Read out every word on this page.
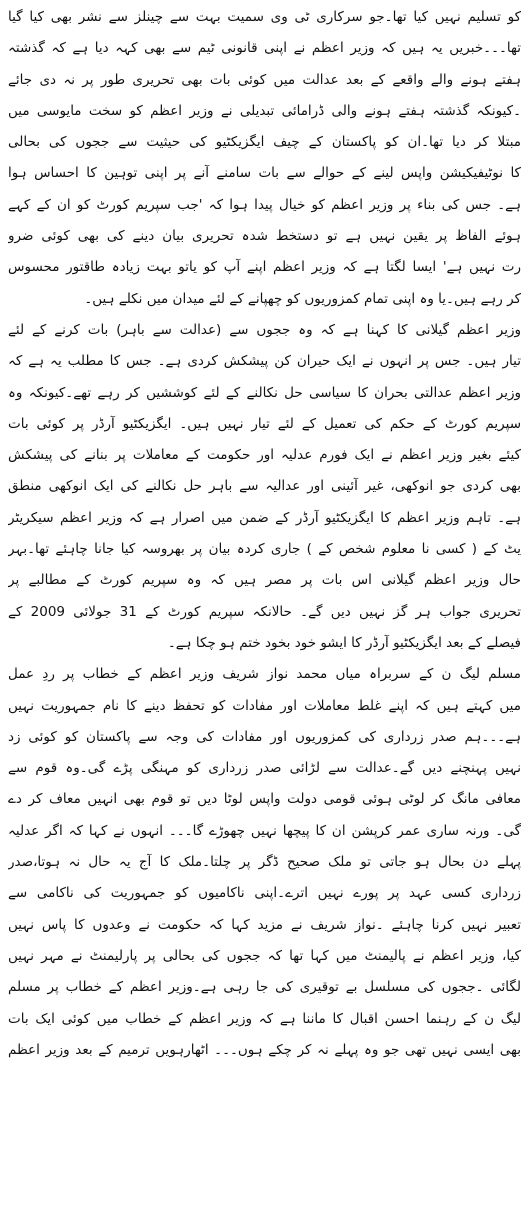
کو تسلیم نہیں کیا تھا۔جو سرکاری ٹی وی سمیت بہت سے چینلز سے نشر بھی کیا گیا
تھا۔۔۔خبریں یہ ہیں کہ وزیر اعظم نے اپنی قانونی ٹیم سے بھی کہہ دیا ہے کہ گذشتہ
ہفتے ہونے والے واقعے کے بعد عدالت میں کوئی بات بھی تحریری طور پر نہ دی جائے
۔کیونکہ گذشتہ ہفتے ہونے والی ڈرامائی تبدیلی نے وزیر اعظم کو سخت مایوسی میں
مبتلا کر دیا تھا۔ان کو پاکستان کے چیف ایگزیکٹیو کی حیثیت سے ججوں کی بحالی
کا نوٹیفیکیشن واپس لینے کے حوالے سے بات سامنے آنے پر اپنی توہین کا احساس ہوا
ہے۔ جس کی بناء پر وزیر اعظم کو خیال پیدا ہوا کہ 'جب سپریم کورٹ کو ان کے کہے
ہوئے الفاظ پر یقین نہیں ہے تو دستخط شدہ تحریری بیان دینے کی بھی کوئی ضرو
رت نہیں ہے' ایسا لگتا ہے کہ وزیر اعظم اپنے آپ کو یاتو بہت زیادہ طاقتور محسوس
کر رہے ہیں۔یا وہ اپنی تمام کمزوریوں کو چھپانے کے لئے میدان میں نکلے ہیں۔
وزیر اعظم گیلانی کا کہنا ہے کہ وہ ججوں سے (عدالت سے باہر) بات کرنے کے لئے
تیار ہیں۔ جس پر انہوں نے ایک حیران کن پیشکش کردی ہے۔ جس کا مطلب یہ ہے کہ
وزیر اعظم عدالتی بحران کا سیاسی حل نکالنے کے لئے کوششیں کر رہے تھے۔کیونکہ وہ
سپریم کورٹ کے حکم کی تعمیل کے لئے تیار نہیں ہیں۔ ایگزیکٹیو آرڈر پر کوئی بات
کیئے بغیر وزیر اعظم نے ایک فورم عدلیہ اور حکومت کے معاملات پر بنانے کی پیشکش
بھی کردی جو انوکھی، غیر آئینی اور عدالیہ سے باہر حل نکالنے کی ایک انوکھی منطق
ہے۔ تاہم وزیر اعظم کا ایگزیکٹیو آرڈر کے ضمن میں اصرار ہے کہ وزیر اعظم سیکریٹر
یٹ کے ( کسی نا معلوم شخص کے ) جاری کردہ بیان پر بھروسہ کیا جانا چاہئے تھا۔بہر
حال وزیر اعظم گیلانی اس بات پر مصر ہیں کہ وہ سپریم کورٹ کے مطالبے پر
تحریری جواب ہر گز نہیں دیں گے۔ حالانکہ سپریم کورٹ کے 31 جولائی 2009 کے
فیصلے کے بعد ایگزیکٹیو آرڈر کا ایشو خود بخود ختم ہو چکا ہے۔
مسلم لیگ ن کے سربراہ میاں محمد نواز شریف وزیر اعظم کے خطاب پر ردِ عمل
میں کہتے ہیں کہ اپنے غلط معاملات اور مفادات کو تحفظ دینے کا نام جمہوریت نہیں
ہے۔۔۔ہم صدر زرداری کی کمزوریوں اور مفادات کی وجہ سے پاکستان کو کوئی زد
نہیں پہنچنے دیں گے۔عدالت سے لڑائی صدر زرداری کو مہنگی پڑے گی۔وہ قوم سے
معافی مانگ کر لوٹی ہوئی قومی دولت واپس لوٹا دیں تو قوم بھی انہیں معاف کر دے
گی۔ ورنہ ساری عمر کرپشن ان کا پیچھا نہیں چھوڑے گا۔۔۔ انہوں نے کہا کہ اگر عدلیہ
پہلے دن بحال ہو جاتی تو ملک صحیح ڈگر پر چلتا۔ملک کا آج یہ حال نہ ہوتا،صدر
زرداری کسی عہد پر پورے نہیں اترے۔اپنی ناکامیوں کو جمہوریت کی ناکامی سے
تعبیر نہیں کرنا چاہئے ۔نواز شریف نے مزید کہا کہ حکومت نے وعدوں کا پاس نہیں
کیا، وزیر اعظم نے پالیمنٹ میں کہا تھا کہ ججوں کی بحالی پر پارلیمنٹ نے مہر نہیں
لگائی ۔ججوں کی مسلسل بے توقیری کی جا رہی ہے۔وزیر اعظم کے خطاب پر مسلم
لیگ ن کے رہنما احسن اقبال کا ماننا ہے کہ وزیر اعظم کے خطاب میں کوئی ایک بات
بھی ایسی نہیں تھی جو وہ پہلے نہ کر چکے ہوں۔۔۔ اٹھارہویں ترمیم کے بعد وزیر اعظم
